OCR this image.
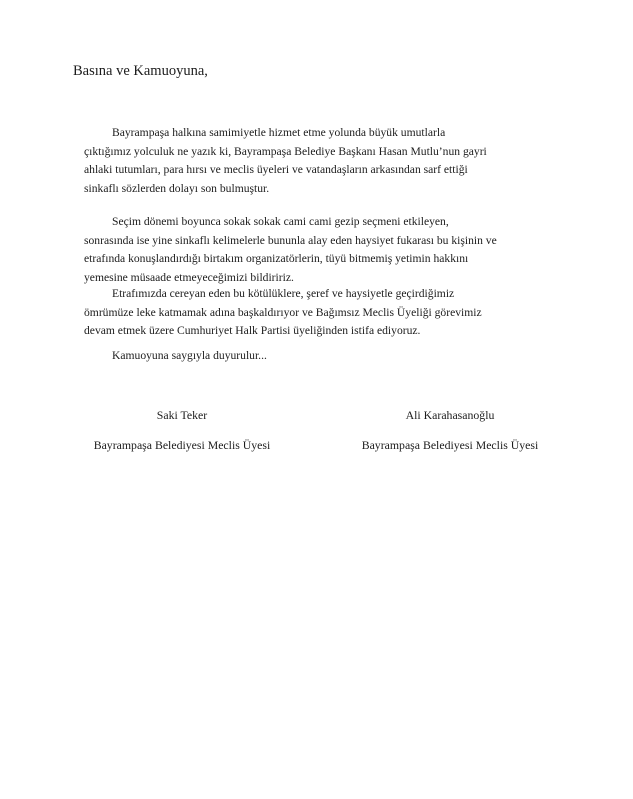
Basına ve Kamuoyuna,

Bayrampaşa halkına samimiyetle hizmet etme yolunda büyük umutlarla
çıktığımız yolculuk ne yazık ki, Bayrampaşa Belediye Başkanı Hasan Mutlu’nun gayri
ahlaki tutumları, para hırsı ve meclis üyeleri ve vatandaşların arkasından sarf ettiği
sinkaflı sözlerden dolayı son bulmuştur.

Seçim dönemi boyunca sokak sokak cami cami gezip seçmeni etkileyen,
sonrasında ise yine sinkaflı kelimelerle bununla alay eden haysiyet fukarası bu kişinin ve
etrafında konuşlandırdığı birtakım organizatörlerin, tüyü bitmemiş yetimin hakkını
yemesine müsaade etmeyeceğimizi bildiririz.

Etrafımızda cereyan eden bu kötülüklere, şeref ve haysiyetle geçirdiğimiz
ömrümüze leke katmamak adına başkaldırıyor ve Bağımsız Meclis Üyeliği görevimiz
devam etmek üzere Cumhuriyet Halk Partisi üyeliğinden istifa ediyoruz.

Kamuoyuna saygıyla duyurulur...

Saki Teker
Bayrampaşa Belediyesi Meclis Üyesi
Ali Karahasanoğlu
Bayrampaşa Belediyesi Meclis Üyesi
